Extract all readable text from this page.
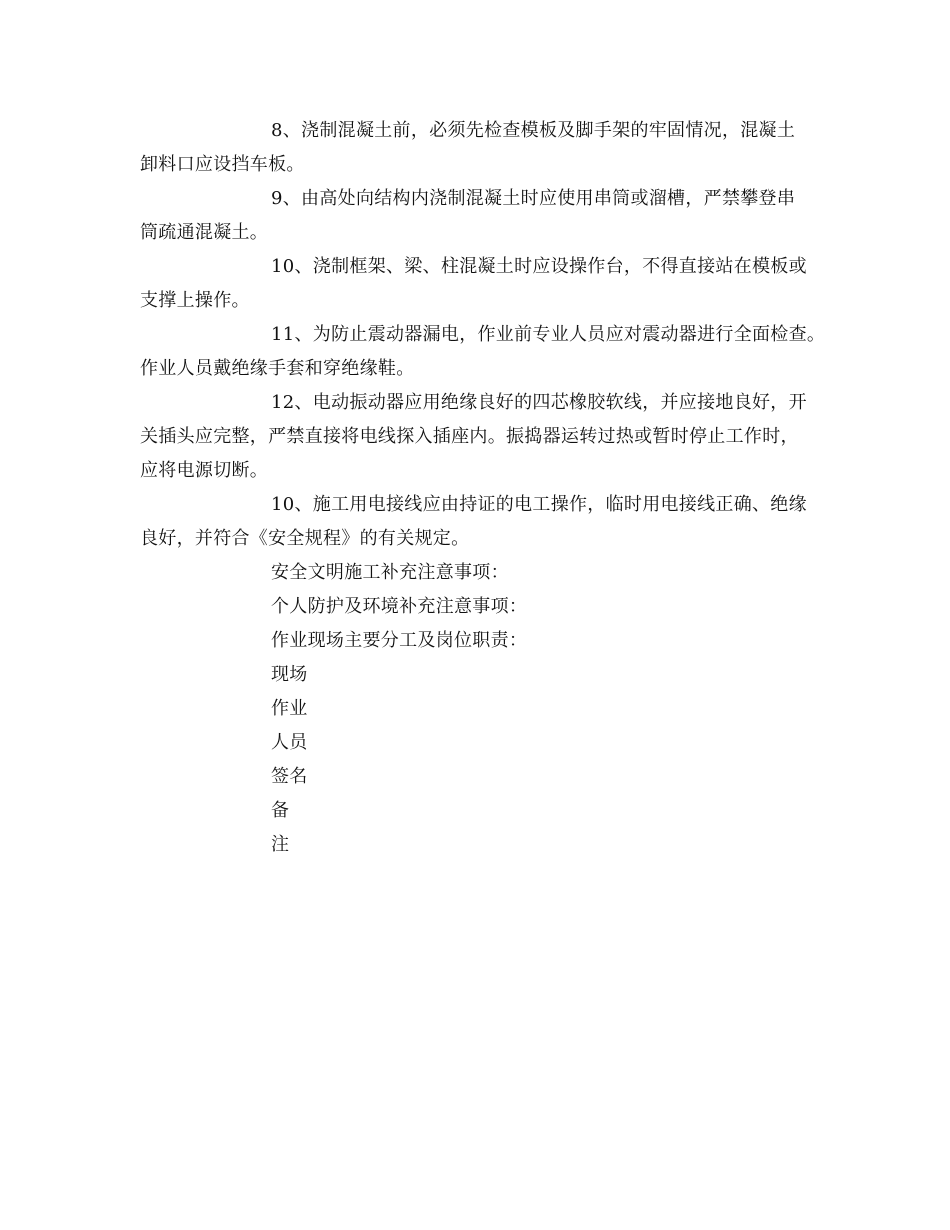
8、浇制混凝土前，必须先检查模板及脚手架的牢固情况，混凝土
卸料口应设挡车板。
9、由高处向结构内浇制混凝土时应使用串筒或溜槽，严禁攀登串
筒疏通混凝土。
10、浇制框架、梁、柱混凝土时应设操作台，不得直接站在模板或
支撑上操作。
11、为防止震动器漏电，作业前专业人员应对震动器进行全面检查。
作业人员戴绝缘手套和穿绝缘鞋。
12、电动振动器应用绝缘良好的四芯橡胶软线，并应接地良好，开
关插头应完整，严禁直接将电线探入插座内。振捣器运转过热或暂时停止工作时，
应将电源切断。
10、施工用电接线应由持证的电工操作，临时用电接线正确、绝缘
良好，并符合《安全规程》的有关规定。
安全文明施工补充注意事项：
个人防护及环境补充注意事项：
作业现场主要分工及岗位职责：
现场
作业
人员
签名
备
注
